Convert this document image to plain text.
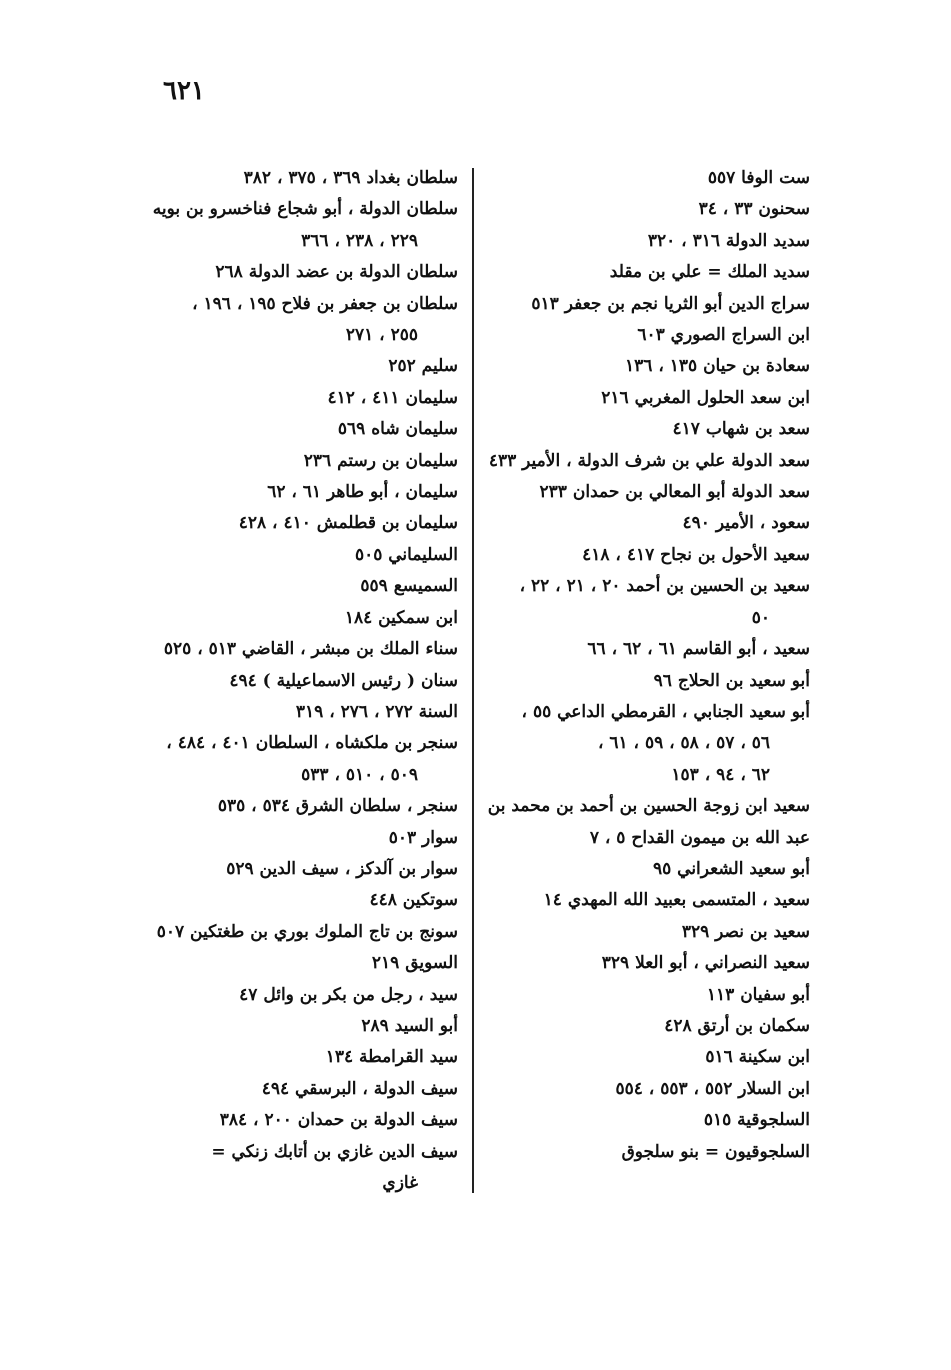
٦٢١
ست الوفا ٥٥٧
سحنون ٣٣ ، ٣٤
سديد الدولة ٣١٦ ، ٣٢٠
سديد الملك = علي بن مقلد
سراج الدين أبو الثريا نجم بن جعفر ٥١٣
ابن السراج الصوري ٦٠٣
سعادة بن حيان ١٣٥ ، ١٣٦
ابن سعد الحلول المغربي ٢١٦
سعد بن شهاب ٤١٧
سعد الدولة علي بن شرف الدولة ، الأمير ٤٣٣
سعد الدولة أبو المعالي بن حمدان ٢٣٣
سعود ، الأمير ٤٩٠
سعيد الأحول بن نجاح ٤١٧ ، ٤١٨
سعيد بن الحسين بن أحمد ٢٠ ، ٢١ ، ٢٢ ،
٥٠
سعيد ، أبو القاسم ٦١ ، ٦٢ ، ٦٦
أبو سعيد بن الحلاج ٩٦
أبو سعيد الجنابي ، القرمطي الداعي ٥٥ ،
٥٦ ، ٥٧ ، ٥٨ ، ٥٩ ، ٦١ ،
٦٢ ، ٩٤ ، ١٥٣
سعيد ابن زوجة الحسين بن أحمد بن محمد بن
عبد الله بن ميمون القداح ٥ ، ٧
أبو سعيد الشعراني ٩٥
سعيد ، المتسمى بعبيد الله المهدي ١٤
سعيد بن نصر ٣٢٩
سعيد النصراني ، أبو العلا ٣٢٩
أبو سفيان ١١٣
سكمان بن أرتق ٤٢٨
ابن سكينة ٥١٦
ابن السلار ٥٥٢ ، ٥٥٣ ، ٥٥٤
السلجوقية ٥١٥
السلجوقيون = بنو سلجوق
سلطان بغداد ٣٦٩ ، ٣٧٥ ، ٣٨٢
سلطان الدولة ، أبو شجاع فناخسرو بن بويه
٢٢٩ ، ٢٣٨ ، ٣٦٦
سلطان الدولة بن عضد الدولة ٢٦٨
سلطان بن جعفر بن فلاح ١٩٥ ، ١٩٦ ،
٢٥٥ ، ٢٧١
سليم ٢٥٢
سليمان ٤١١ ، ٤١٢
سليمان شاه ٥٦٩
سليمان بن رستم ٢٣٦
سليمان ، أبو طاهر ٦١ ، ٦٢
سليمان بن قطلمش ٤١٠ ، ٤٢٨
السليماني ٥٠٥
السميسع ٥٥٩
ابن سمكين ١٨٤
سناء الملك بن مبشر ، القاضي ٥١٣ ، ٥٢٥
سنان ( رئيس الاسماعيلية ) ٤٩٤
السنة ٢٧٢ ، ٢٧٦ ، ٣١٩
سنجر بن ملكشاه ، السلطان ٤٠١ ، ٤٨٤ ،
٥٠٩ ، ٥١٠ ، ٥٣٣
سنجر ، سلطان الشرق ٥٣٤ ، ٥٣٥
سوار ٥٠٣
سوار بن آلدكز ، سيف الدين ٥٢٩
سوتكين ٤٤٨
سونج بن تاج الملوك بوري بن طغتكين ٥٠٧
السويق ٢١٩
سيد ، رجل من بكر بن وائل ٤٧
أبو السيد ٢٨٩
سيد القرامطة ١٣٤
سيف الدولة ، البرسقي ٤٩٤
سيف الدولة بن حمدان ٢٠٠ ، ٣٨٤
سيف الدين غازي بن أتابك زنكي =
غازي
